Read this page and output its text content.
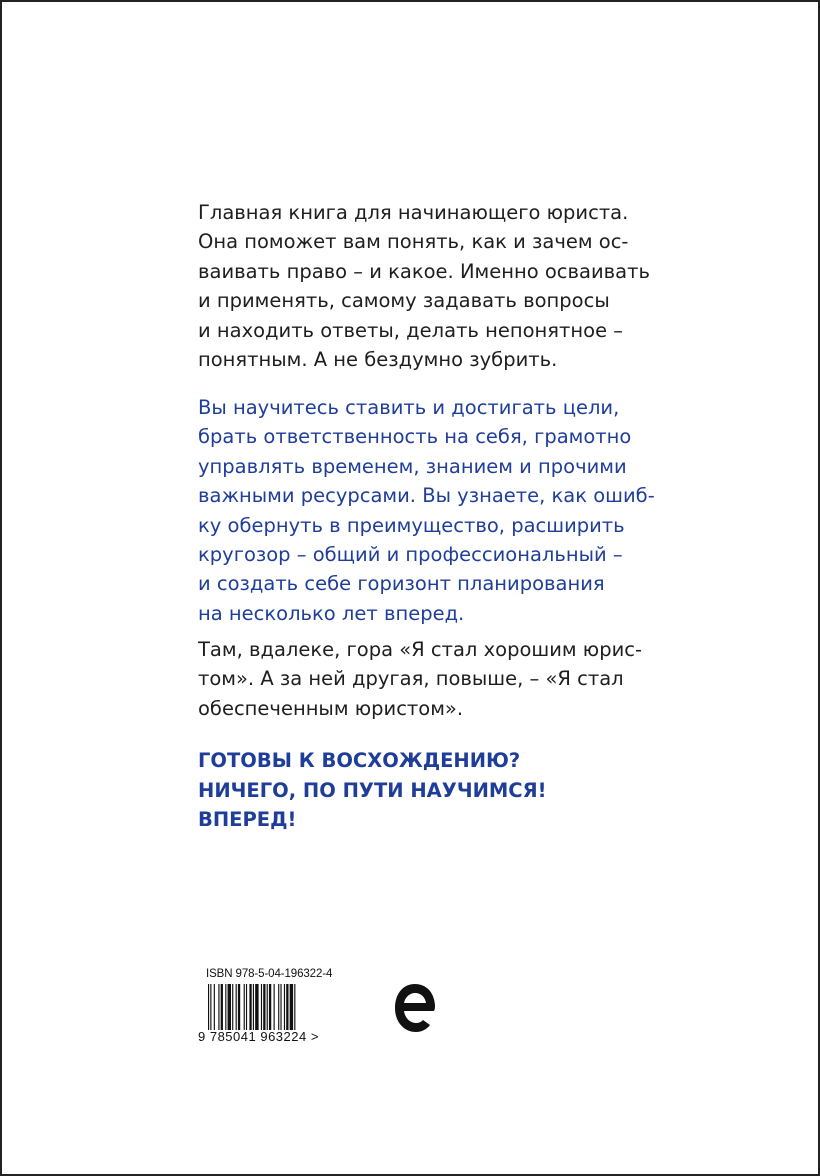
Главная книга для начинающего юриста.
Она поможет вам понять, как и зачем ос-
ваивать право – и какое. Именно осваивать
и применять, самому задавать вопросы
и находить ответы, делать непонятное –
понятным. А не бездумно зубрить.
Вы научитесь ставить и достигать цели,
брать ответственность на себя, грамотно
управлять временем, знанием и прочими
важными ресурсами. Вы узнаете, как ошиб-
ку обернуть в преимущество, расширить
кругозор – общий и профессиональный –
и создать себе горизонт планирования
на несколько лет вперед.
Там, вдалеке, гора «Я стал хорошим юрис-
том». А за ней другая, повыше, – «Я стал
обеспеченным юристом».
ГОТОВЫ К ВОСХОЖДЕНИЮ?
НИЧЕГО, ПО ПУТИ НАУЧИМСЯ!
ВПЕРЕД!
ISBN 978-5-04-196322-4
9 785041 963224 >
